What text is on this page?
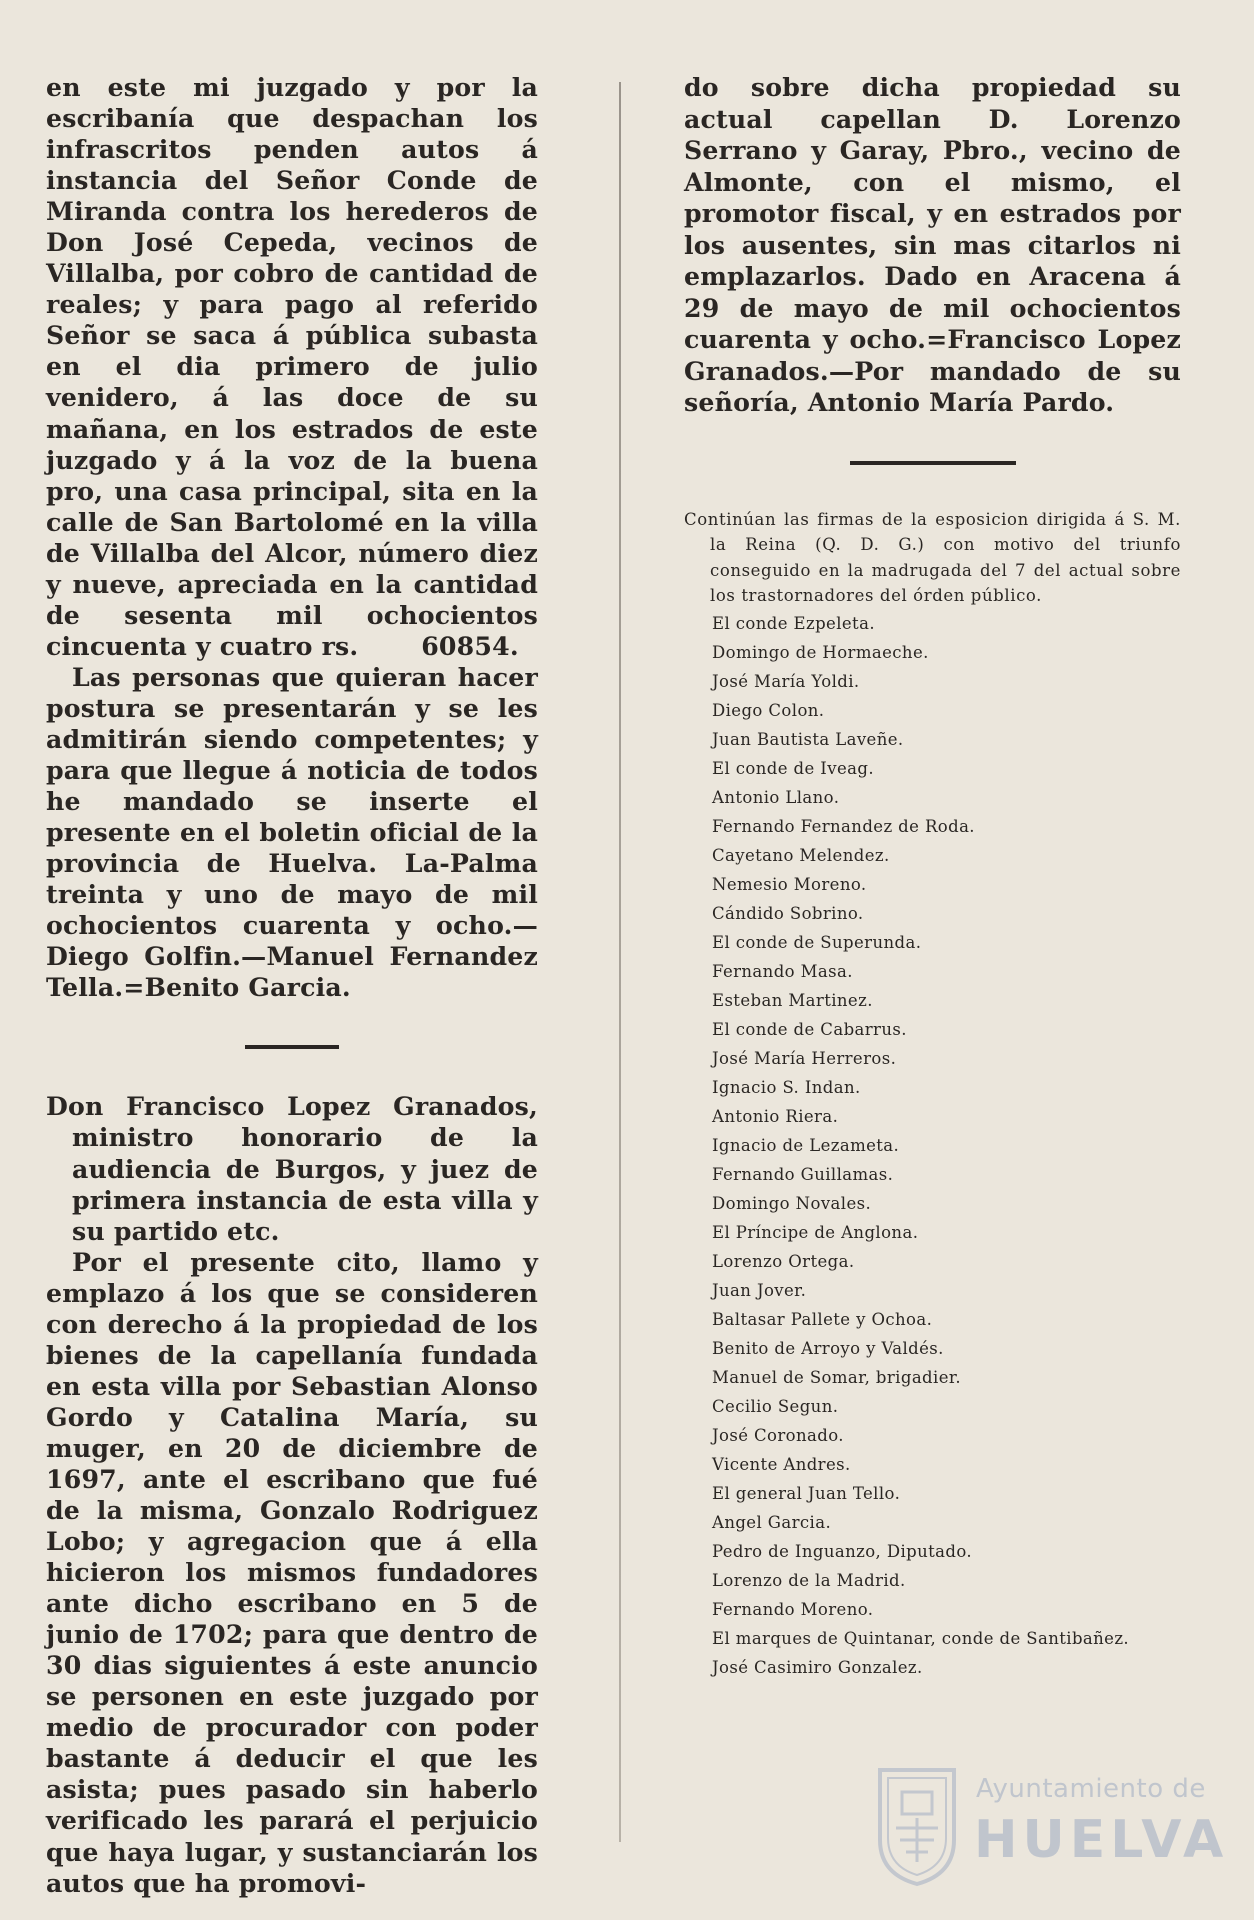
en este mi juzgado y por la escribanía que despachan los infrascritos penden autos á instancia del Señor Conde de Miranda contra los herederos de Don José Cepeda, vecinos de Villalba, por cobro de cantidad de reales; y para pago al referido Señor se saca á pública subasta en el dia primero de julio venidero, á las doce de su mañana, en los estrados de este juzgado y á la voz de la buena pro, una casa principal, sita en la calle de San Bartolomé en la villa de Villalba del Alcor, número diez y nueve, apreciada en la cantidad de sesenta mil ochocientos cincuenta y cuatro rs. 60854.

Las personas que quieran hacer postura se presentarán y se les admitirán siendo competentes; y para que llegue á noticia de todos he mandado se inserte el presente en el boletin oficial de la provincia de Huelva. La-Palma treinta y uno de mayo de mil ochocientos cuarenta y ocho.— Diego Golfin.—Manuel Fernandez Tella.=Benito Garcia.

Don Francisco Lopez Granados, ministro honorario de la audiencia de Burgos, y juez de primera instancia de esta villa y su partido etc.

Por el presente cito, llamo y emplazo á los que se consideren con derecho á la propiedad de los bienes de la capellanía fundada en esta villa por Sebastian Alonso Gordo y Catalina María, su muger, en 20 de diciembre de 1697, ante el escribano que fué de la misma, Gonzalo Rodriguez Lobo; y agregacion que á ella hicieron los mismos fundadores ante dicho escribano en 5 de junio de 1702; para que dentro de 30 dias siguientes á este anuncio se personen en este juzgado por medio de procurador con poder bastante á deducir el que les asista; pues pasado sin haberlo verificado les parará el perjuicio que haya lugar, y sustanciarán los autos que ha promovi-

do sobre dicha propiedad su actual capellan D. Lorenzo Serrano y Garay, Pbro., vecino de Almonte, con el mismo, el promotor fiscal, y en estrados por los ausentes, sin mas citarlos ni emplazarlos. Dado en Aracena á 29 de mayo de mil ochocientos cuarenta y ocho.=Francisco Lopez Granados.—Por mandado de su señoría, Antonio María Pardo.

Continúan las firmas de la esposicion dirigida á S. M. la Reina (Q. D. G.) con motivo del triunfo conseguido en la madrugada del 7 del actual sobre los trastornadores del órden público.

El conde Ezpeleta.
Domingo de Hormaeche.
José María Yoldi.
Diego Colon.
Juan Bautista Laveñe.
El conde de Iveag.
Antonio Llano.
Fernando Fernandez de Roda.
Cayetano Melendez.
Nemesio Moreno.
Cándido Sobrino.
El conde de Superunda.
Fernando Masa.
Esteban Martinez.
El conde de Cabarrus.
José María Herreros.
Ignacio S. Indan.
Antonio Riera.
Ignacio de Lezameta.
Fernando Guillamas.
Domingo Novales.
El Príncipe de Anglona.
Lorenzo Ortega.
Juan Jover.
Baltasar Pallete y Ochoa.
Benito de Arroyo y Valdés.
Manuel de Somar, brigadier.
Cecilio Segun.
José Coronado.
Vicente Andres.
El general Juan Tello.
Angel Garcia.
Pedro de Inguanzo, Diputado.
Lorenzo de la Madrid.
Fernando Moreno.
El marques de Quintanar, conde de Santibañez.
José Casimiro Gonzalez.
Ayuntamiento de
HUELVA
